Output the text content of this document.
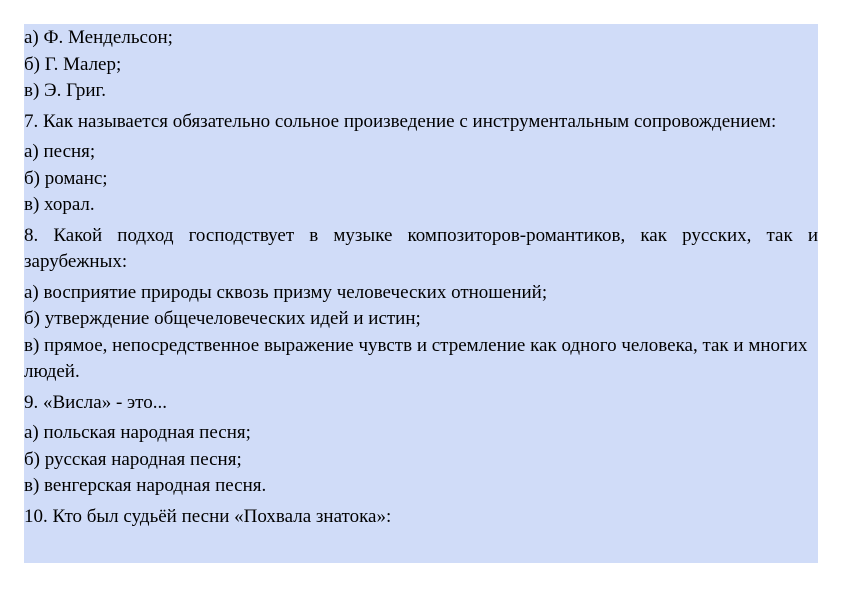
а) Ф. Мендельсон;
б) Г. Малер;
в) Э. Григ.
7. Как называется обязательно сольное произведение с инструментальным сопровождением:
а) песня;
б) романс;
в) хорал.
8. Какой подход господствует в музыке композиторов-романтиков, как русских, так и зарубежных:
а) восприятие природы сквозь призму человеческих отношений;
б) утверждение общечеловеческих идей и истин;
в) прямое, непосредственное выражение чувств и стремление как одного человека, так и многих людей.
9. «Висла» - это...
а) польская народная песня;
б) русская народная песня;
в) венгерская народная песня.
10. Кто был судьёй песни «Похвала знатока»:
